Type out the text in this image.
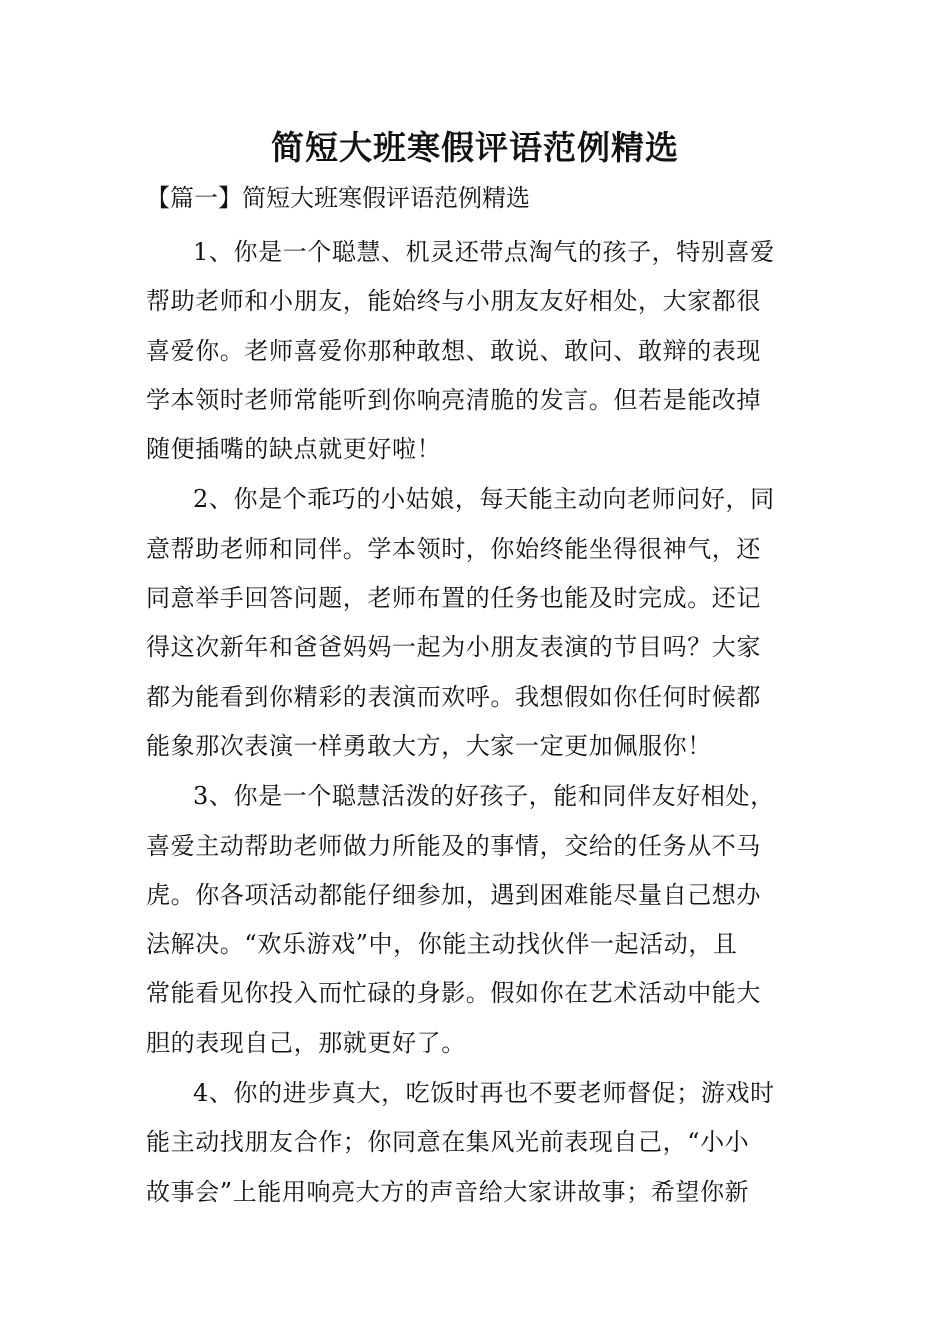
简短大班寒假评语范例精选
【篇一】简短大班寒假评语范例精选
1、你是一个聪慧、机灵还带点淘气的孩子，特别喜爱
帮助老师和小朋友，能始终与小朋友友好相处，大家都很
喜爱你。老师喜爱你那种敢想、敢说、敢问、敢辩的表现
学本领时老师常能听到你响亮清脆的发言。但若是能改掉
随便插嘴的缺点就更好啦！
2、你是个乖巧的小姑娘，每天能主动向老师问好，同
意帮助老师和同伴。学本领时，你始终能坐得很神气，还
同意举手回答问题，老师布置的任务也能及时完成。还记
得这次新年和爸爸妈妈一起为小朋友表演的节目吗？大家
都为能看到你精彩的表演而欢呼。我想假如你任何时候都
能象那次表演一样勇敢大方，大家一定更加佩服你！
3、你是一个聪慧活泼的好孩子，能和同伴友好相处，
喜爱主动帮助老师做力所能及的事情，交给的任务从不马
虎。你各项活动都能仔细参加，遇到困难能尽量自己想办
法解决。“欢乐游戏”中，你能主动找伙伴一起活动，且
常能看见你投入而忙碌的身影。假如你在艺术活动中能大
胆的表现自己，那就更好了。
4、你的进步真大，吃饭时再也不要老师督促；游戏时
能主动找朋友合作；你同意在集风光前表现自己，“小小
故事会”上能用响亮大方的声音给大家讲故事；希望你新
